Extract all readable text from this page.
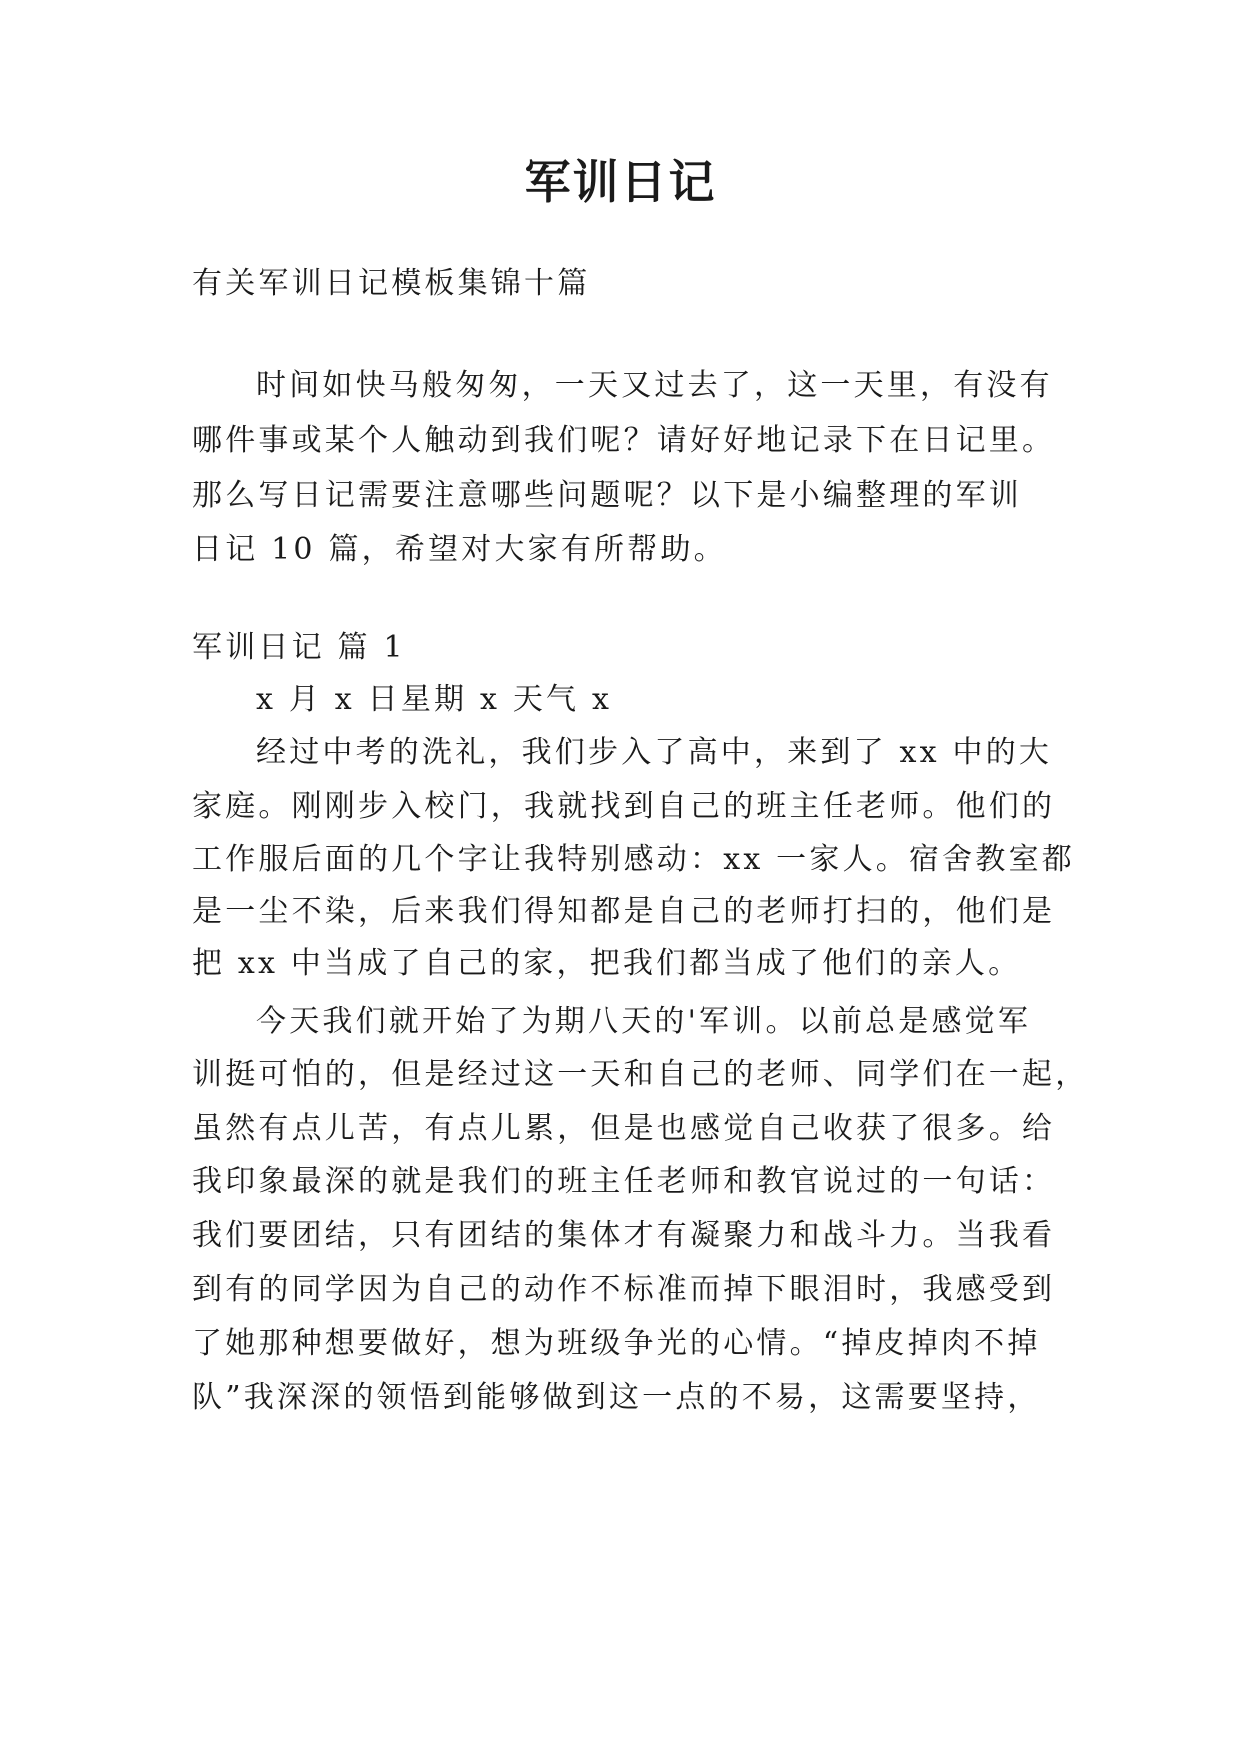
军训日记

有关军训日记模板集锦十篇

时间如快马般匆匆，一天又过去了，这一天里，有没有

哪件事或某个人触动到我们呢？请好好地记录下在日记里。

那么写日记需要注意哪些问题呢？以下是小编整理的军训

日记 10 篇，希望对大家有所帮助。

军训日记 篇 1

x 月 x 日星期 x 天气 x

经过中考的洗礼，我们步入了高中，来到了 xx 中的大

家庭。刚刚步入校门，我就找到自己的班主任老师。他们的

工作服后面的几个字让我特别感动：xx 一家人。宿舍教室都

是一尘不染，后来我们得知都是自己的老师打扫的，他们是

把 xx 中当成了自己的家，把我们都当成了他们的亲人。

今天我们就开始了为期八天的'军训。以前总是感觉军

训挺可怕的，但是经过这一天和自己的老师、同学们在一起，

虽然有点儿苦，有点儿累，但是也感觉自己收获了很多。给

我印象最深的就是我们的班主任老师和教官说过的一句话：

我们要团结，只有团结的集体才有凝聚力和战斗力。当我看

到有的同学因为自己的动作不标准而掉下眼泪时，我感受到

了她那种想要做好，想为班级争光的心情。“掉皮掉肉不掉

队”我深深的领悟到能够做到这一点的不易，这需要坚持，
